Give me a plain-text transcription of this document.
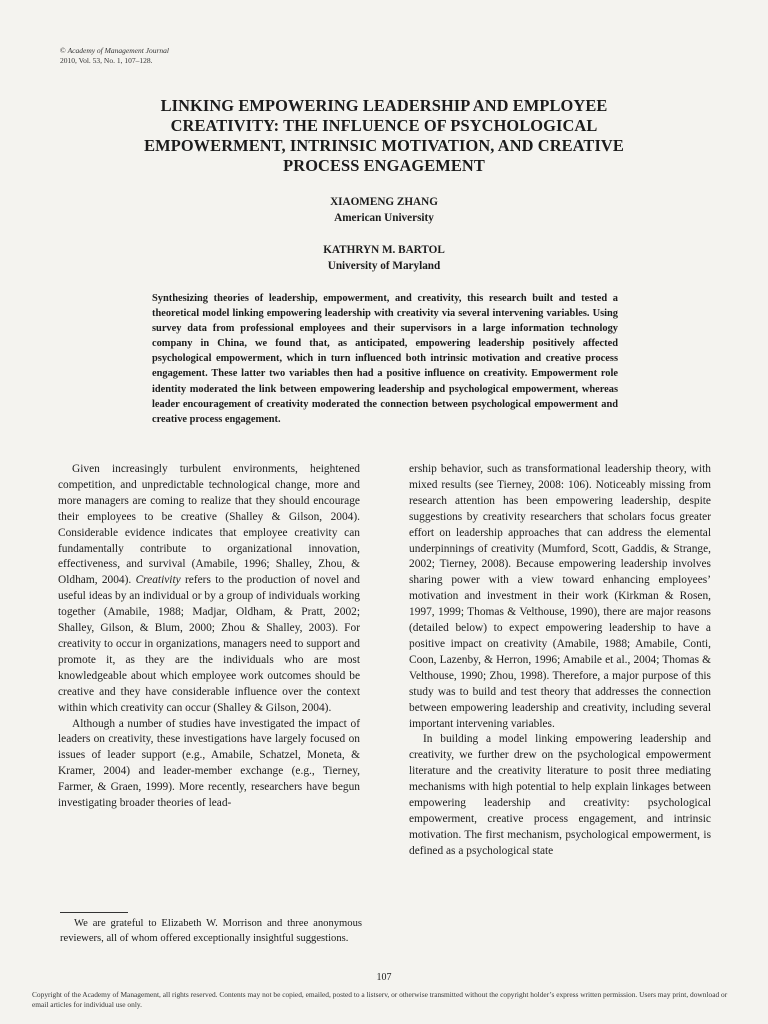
© Academy of Management Journal
2010, Vol. 53, No. 1, 107–128.
LINKING EMPOWERING LEADERSHIP AND EMPLOYEE CREATIVITY: THE INFLUENCE OF PSYCHOLOGICAL EMPOWERMENT, INTRINSIC MOTIVATION, AND CREATIVE PROCESS ENGAGEMENT
XIAOMENG ZHANG
American University
KATHRYN M. BARTOL
University of Maryland

Synthesizing theories of leadership, empowerment, and creativity, this research built and tested a theoretical model linking empowering leadership with creativity via several intervening variables. Using survey data from professional employees and their supervisors in a large information technology company in China, we found that, as anticipated, empowering leadership positively affected psychological empowerment, which in turn influenced both intrinsic motivation and creative process engagement. These latter two variables then had a positive influence on creativity. Empowerment role identity moderated the link between empowering leadership and psychological empowerment, whereas leader encouragement of creativity moderated the connection between psychological empowerment and creative process engagement.

Given increasingly turbulent environments, heightened competition, and unpredictable technological change, more and more managers are coming to realize that they should encourage their employees to be creative (Shalley & Gilson, 2004). Considerable evidence indicates that employee creativity can fundamentally contribute to organizational innovation, effectiveness, and survival (Amabile, 1996; Shalley, Zhou, & Oldham, 2004). Creativity refers to the production of novel and useful ideas by an individual or by a group of individuals working together (Amabile, 1988; Madjar, Oldham, & Pratt, 2002; Shalley, Gilson, & Blum, 2000; Zhou & Shalley, 2003). For creativity to occur in organizations, managers need to support and promote it, as they are the individuals who are most knowledgeable about which employee work outcomes should be creative and they have considerable influence over the context within which creativity can occur (Shalley & Gilson, 2004).

Although a number of studies have investigated the impact of leaders on creativity, these investigations have largely focused on issues of leader support (e.g., Amabile, Schatzel, Moneta, & Kramer, 2004) and leader-member exchange (e.g., Tierney, Farmer, & Graen, 1999). More recently, researchers have begun investigating broader theories of lead-

ership behavior, such as transformational leadership theory, with mixed results (see Tierney, 2008: 106). Noticeably missing from research attention has been empowering leadership, despite suggestions by creativity researchers that scholars focus greater effort on leadership approaches that can address the elemental underpinnings of creativity (Mumford, Scott, Gaddis, & Strange, 2002; Tierney, 2008). Because empowering leadership involves sharing power with a view toward enhancing employees’ motivation and investment in their work (Kirkman & Rosen, 1997, 1999; Thomas & Velthouse, 1990), there are major reasons (detailed below) to expect empowering leadership to have a positive impact on creativity (Amabile, 1988; Amabile, Conti, Coon, Lazenby, & Herron, 1996; Amabile et al., 2004; Thomas & Velthouse, 1990; Zhou, 1998). Therefore, a major purpose of this study was to build and test theory that addresses the connection between empowering leadership and creativity, including several important intervening variables.

In building a model linking empowering leadership and creativity, we further drew on the psychological empowerment literature and the creativity literature to posit three mediating mechanisms with high potential to help explain linkages between empowering leadership and creativity: psychological empowerment, creative process engagement, and intrinsic motivation. The first mechanism, psychological empowerment, is defined as a psychological state

We are grateful to Elizabeth W. Morrison and three anonymous reviewers, all of whom offered exceptionally insightful suggestions.

107

Copyright of the Academy of Management, all rights reserved. Contents may not be copied, emailed, posted to a listserv, or otherwise transmitted without the copyright holder’s express written permission. Users may print, download or email articles for individual use only.
